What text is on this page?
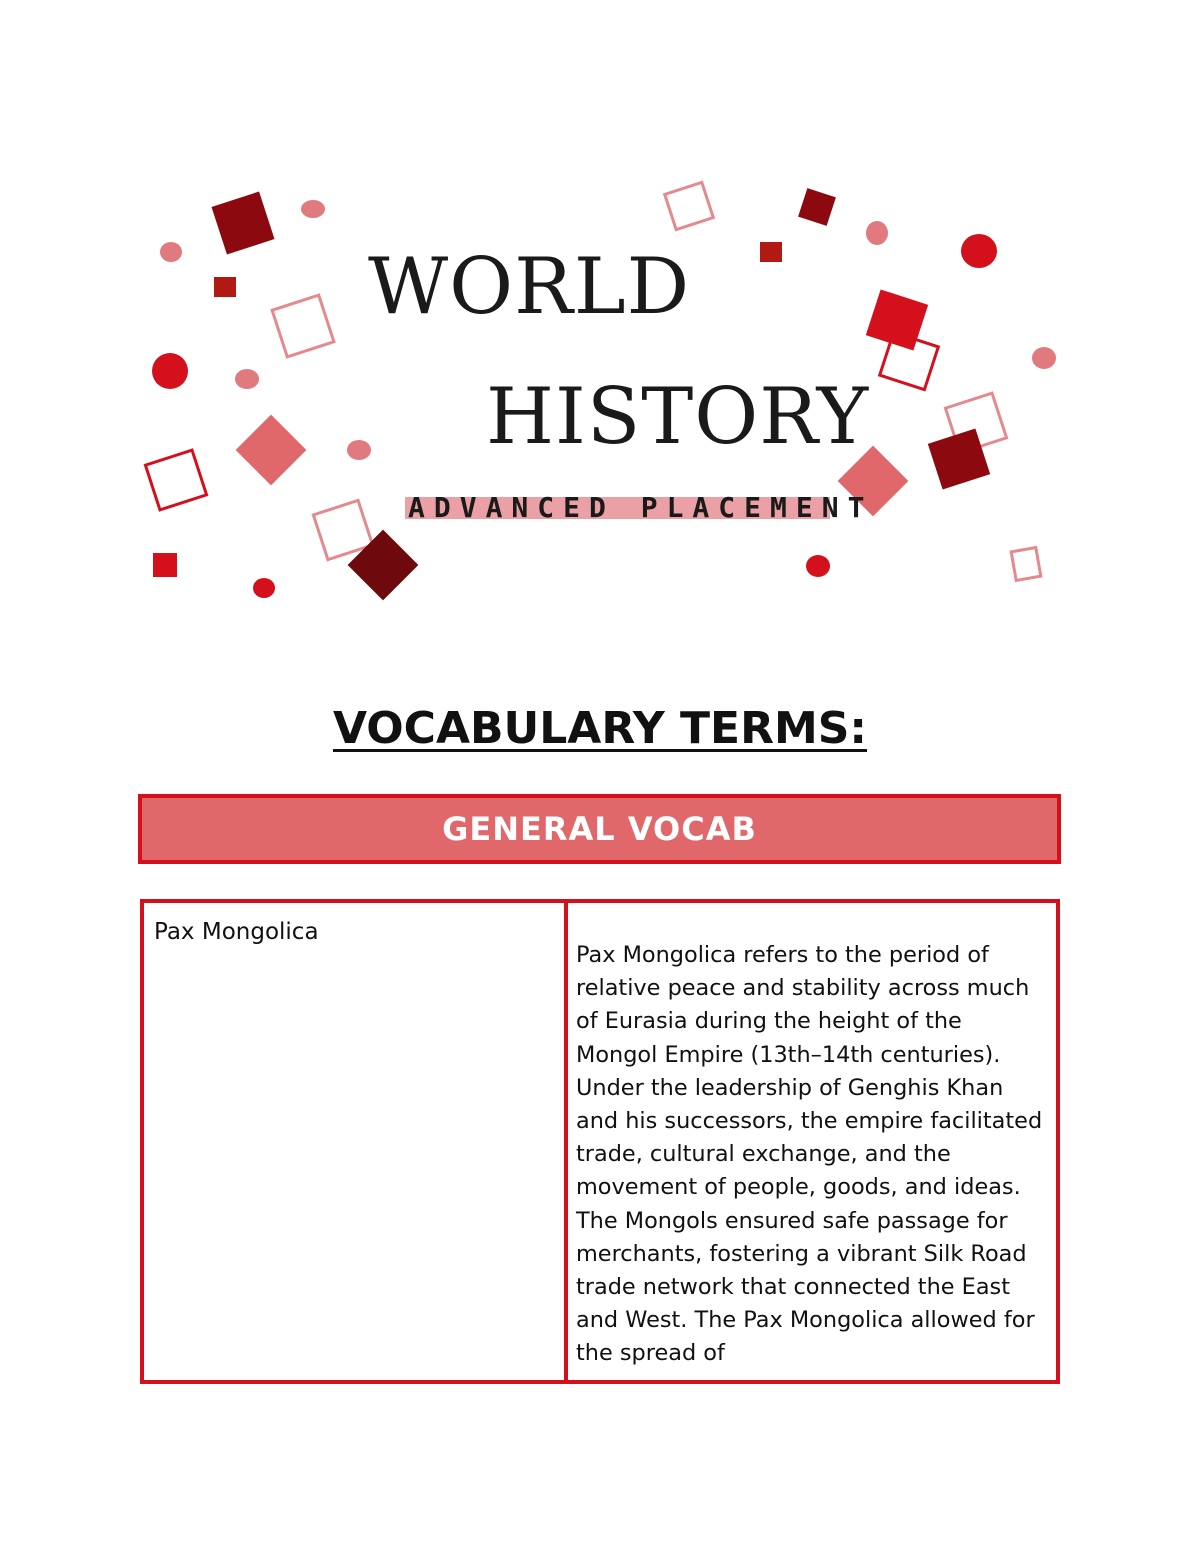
WORLD
HISTORY
ADVANCED PLACEMENT
VOCABULARY TERMS:
GENERAL VOCAB
Pax Mongolica
Pax Mongolica refers to the period of relative peace and stability across much of Eurasia during the height of the Mongol Empire (13th–14th centuries). Under the leadership of Genghis Khan and his successors, the empire facilitated trade, cultural exchange, and the movement of people, goods, and ideas. The Mongols ensured safe passage for merchants, fostering a vibrant Silk Road trade network that connected the East and West. The Pax Mongolica allowed for the spread of
